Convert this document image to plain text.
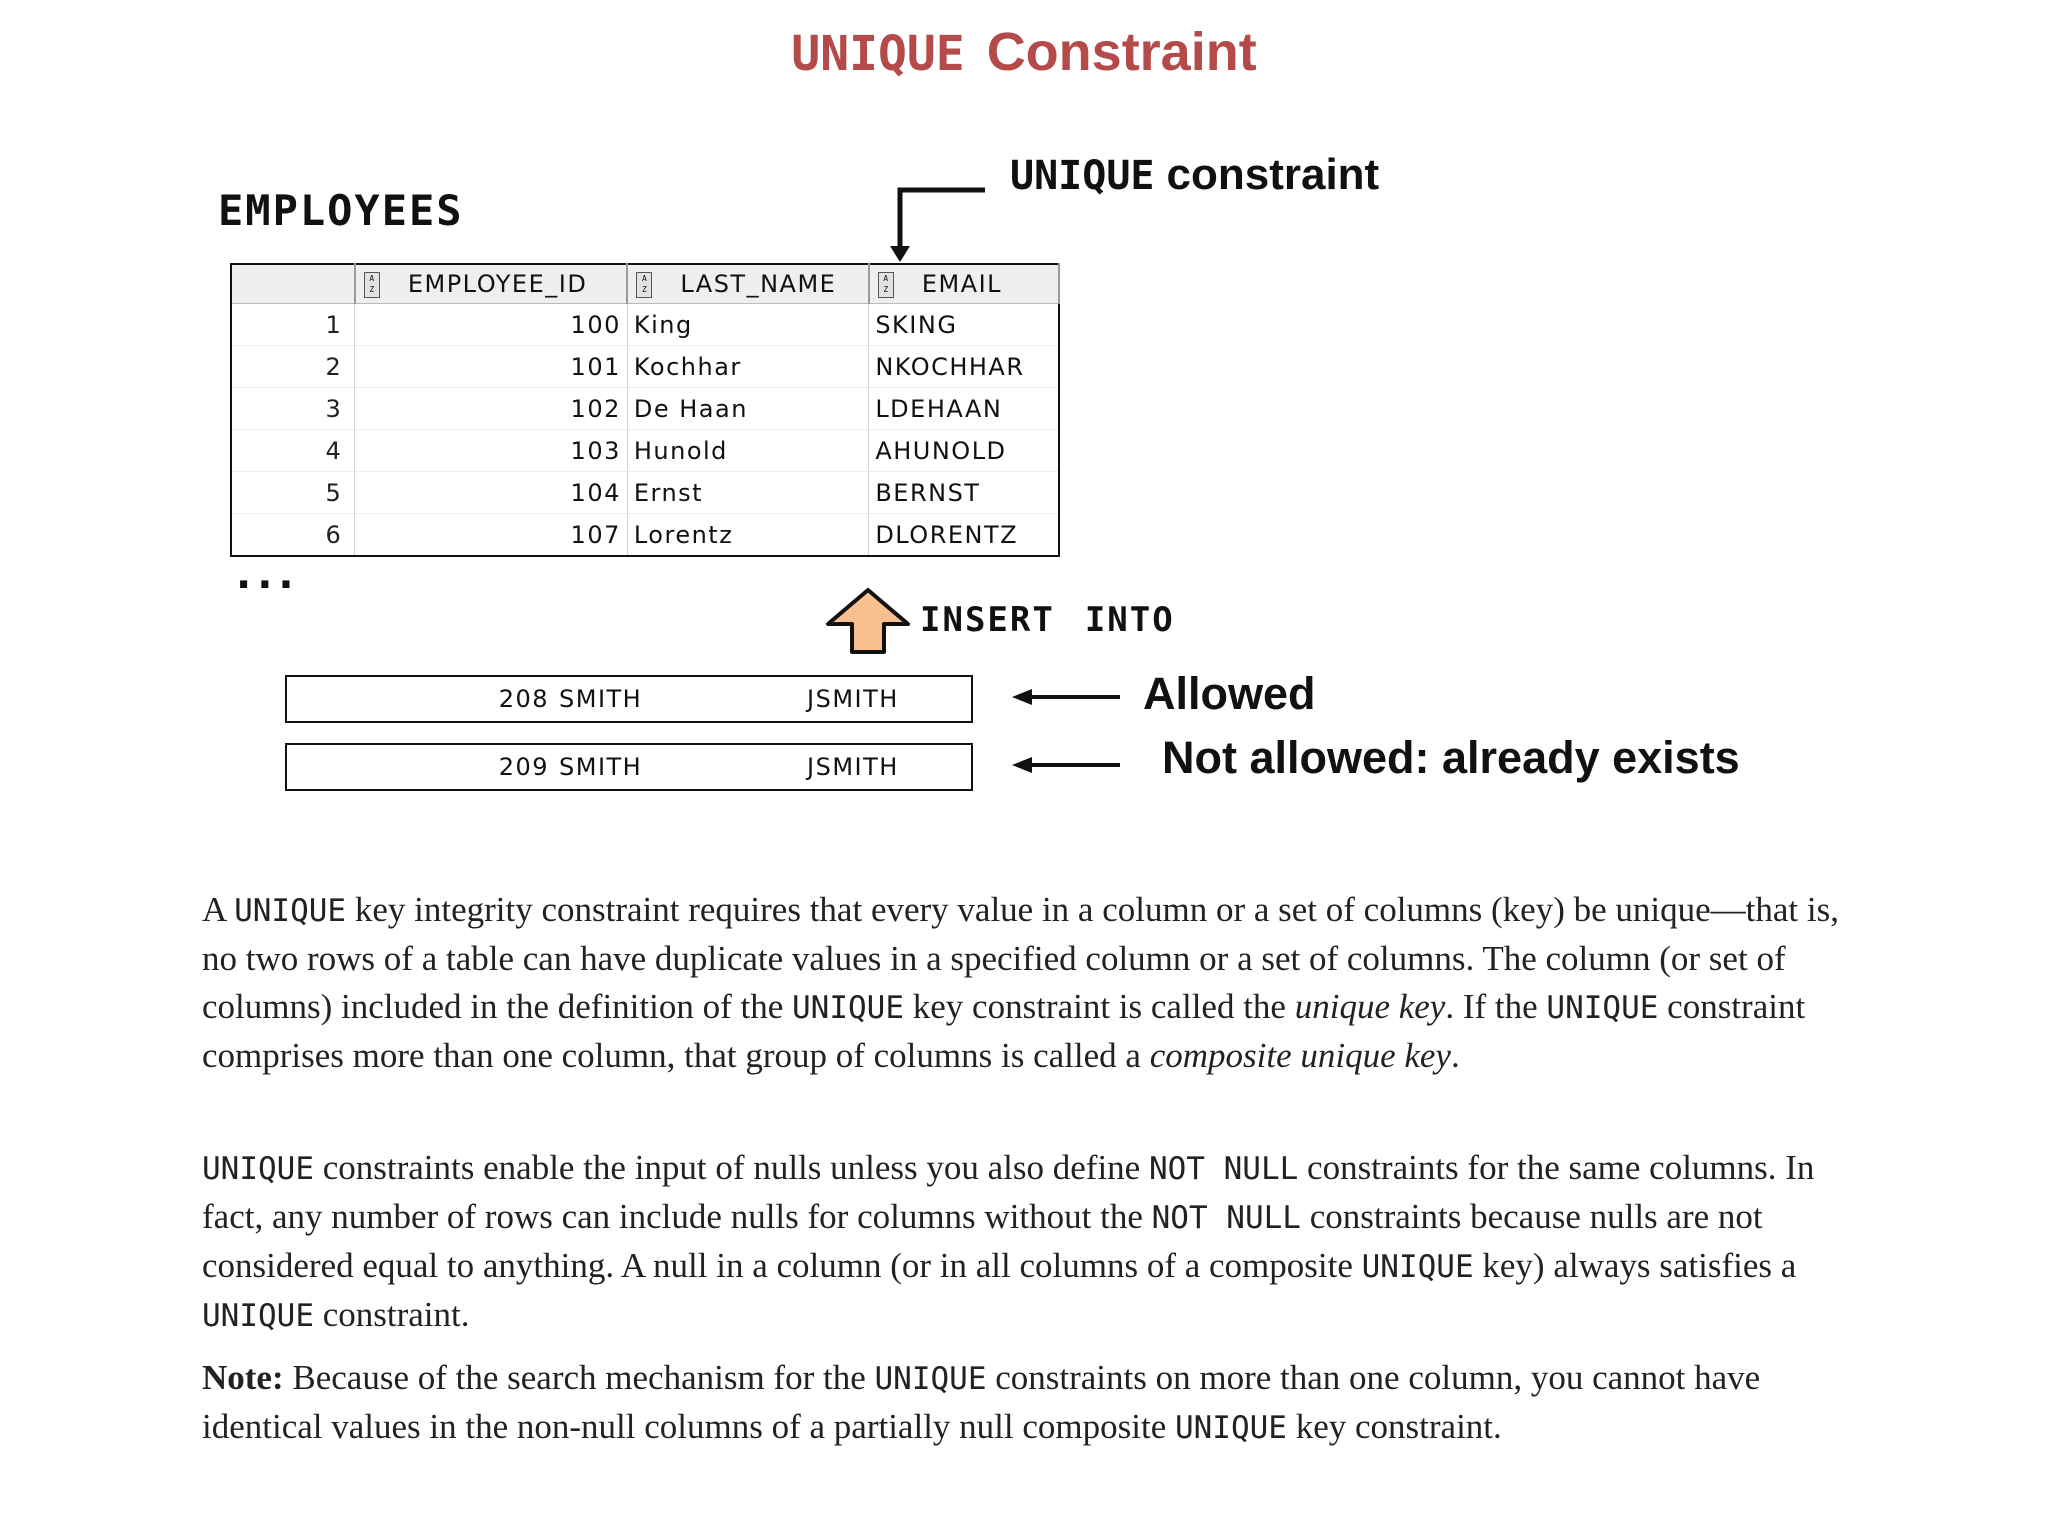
UNIQUE Constraint
EMPLOYEES
UNIQUE constraint
	A
Z EMPLOYEE_ID	A
Z LAST_NAME	A
Z EMAIL
1	100	King	SKING
2	101	Kochhar	NKOCHHAR
3	102	De Haan	LDEHAAN
4	103	Hunold	AHUNOLD
5	104	Ernst	BERNST
6	107	Lorentz	DLORENTZ
...
INSERT INTO
208 SMITH	JSMITH
209 SMITH	JSMITH
Allowed
Not allowed: already exists
A UNIQUE key integrity constraint requires that every value in a column or a set of columns (key) be unique—that is, no two rows of a table can have duplicate values in a specified column or a set of columns. The column (or set of columns) included in the definition of the UNIQUE key constraint is called the unique key. If the UNIQUE constraint comprises more than one column, that group of columns is called a composite unique key.
UNIQUE constraints enable the input of nulls unless you also define NOT NULL constraints for the same columns. In fact, any number of rows can include nulls for columns without the NOT NULL constraints because nulls are not considered equal to anything. A null in a column (or in all columns of a composite UNIQUE key) always satisfies a UNIQUE constraint.
Note: Because of the search mechanism for the UNIQUE constraints on more than one column, you cannot have identical values in the non-null columns of a partially null composite UNIQUE key constraint.
